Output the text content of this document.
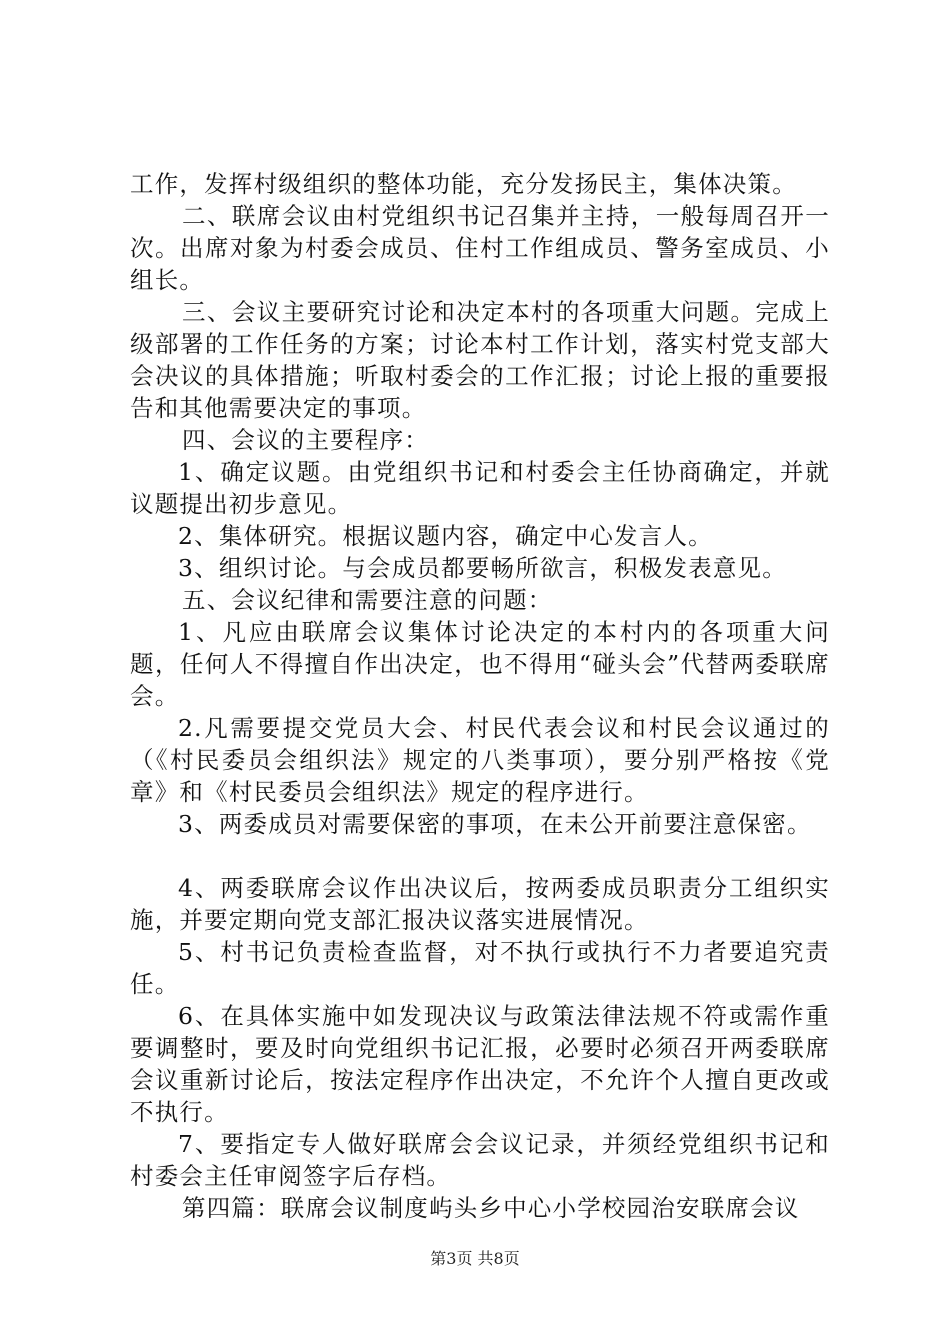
工作，发挥村级组织的整体功能，充分发扬民主，集体决策。

二、联席会议由村党组织书记召集并主持，一般每周召开一次。出席对象为村委会成员、住村工作组成员、警务室成员、小组长。

三、会议主要研究讨论和决定本村的各项重大问题。完成上级部署的工作任务的方案；讨论本村工作计划，落实村党支部大会决议的具体措施；听取村委会的工作汇报；讨论上报的重要报告和其他需要决定的事项。

四、会议的主要程序：

1、确定议题。由党组织书记和村委会主任协商确定，并就议题提出初步意见。

2、集体研究。根据议题内容，确定中心发言人。

3、组织讨论。与会成员都要畅所欲言，积极发表意见。

五、会议纪律和需要注意的问题：

1、凡应由联席会议集体讨论决定的本村内的各项重大问题，任何人不得擅自作出决定，也不得用“碰头会”代替两委联席会。

2.凡需要提交党员大会、村民代表会议和村民会议通过的（《村民委员会组织法》规定的八类事项），要分别严格按《党章》和《村民委员会组织法》规定的程序进行。

3、两委成员对需要保密的事项，在未公开前要注意保密。

4、两委联席会议作出决议后，按两委成员职责分工组织实施，并要定期向党支部汇报决议落实进展情况。

5、村书记负责检查监督，对不执行或执行不力者要追究责任。

6、在具体实施中如发现决议与政策法律法规不符或需作重要调整时，要及时向党组织书记汇报，必要时必须召开两委联席会议重新讨论后，按法定程序作出决定，不允许个人擅自更改或不执行。

7、要指定专人做好联席会会议记录，并须经党组织书记和村委会主任审阅签字后存档。

第四篇：联席会议制度屿头乡中心小学校园治安联席会议

第3页 共8页
